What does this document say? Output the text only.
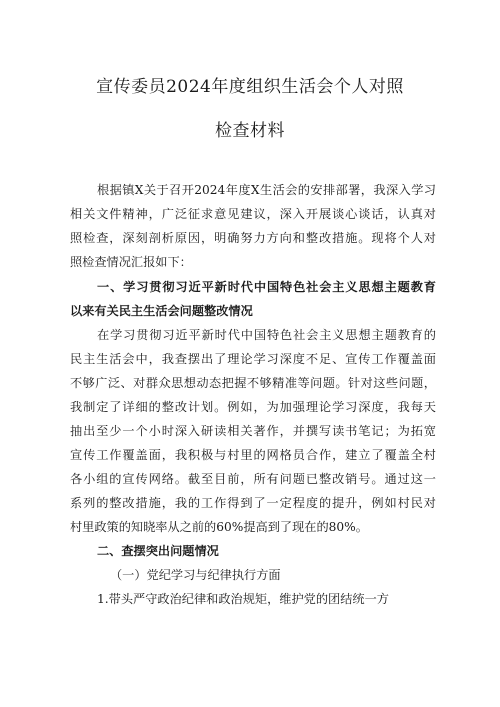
宣传委员2024年度组织生活会个人对照
检查材料
根据镇X关于召开2024年度X生活会的安排部署，我深入学习
相关文件精神，广泛征求意见建议，深入开展谈心谈话，认真对
照检查，深刻剖析原因，明确努力方向和整改措施。现将个人对
照检查情况汇报如下：
一、学习贯彻习近平新时代中国特色社会主义思想主题教育
以来有关民主生活会问题整改情况
在学习贯彻习近平新时代中国特色社会主义思想主题教育的
民主生活会中，我查摆出了理论学习深度不足、宣传工作覆盖面
不够广泛、对群众思想动态把握不够精准等问题。针对这些问题，
我制定了详细的整改计划。例如，为加强理论学习深度，我每天
抽出至少一个小时深入研读相关著作，并撰写读书笔记；为拓宽
宣传工作覆盖面，我积极与村里的网格员合作，建立了覆盖全村
各小组的宣传网络。截至目前，所有问题已整改销号。通过这一
系列的整改措施，我的工作得到了一定程度的提升，例如村民对
村里政策的知晓率从之前的60%提高到了现在的80%。
二、查摆突出问题情况
（一）党纪学习与纪律执行方面
1.带头严守政治纪律和政治规矩，维护党的团结统一方
